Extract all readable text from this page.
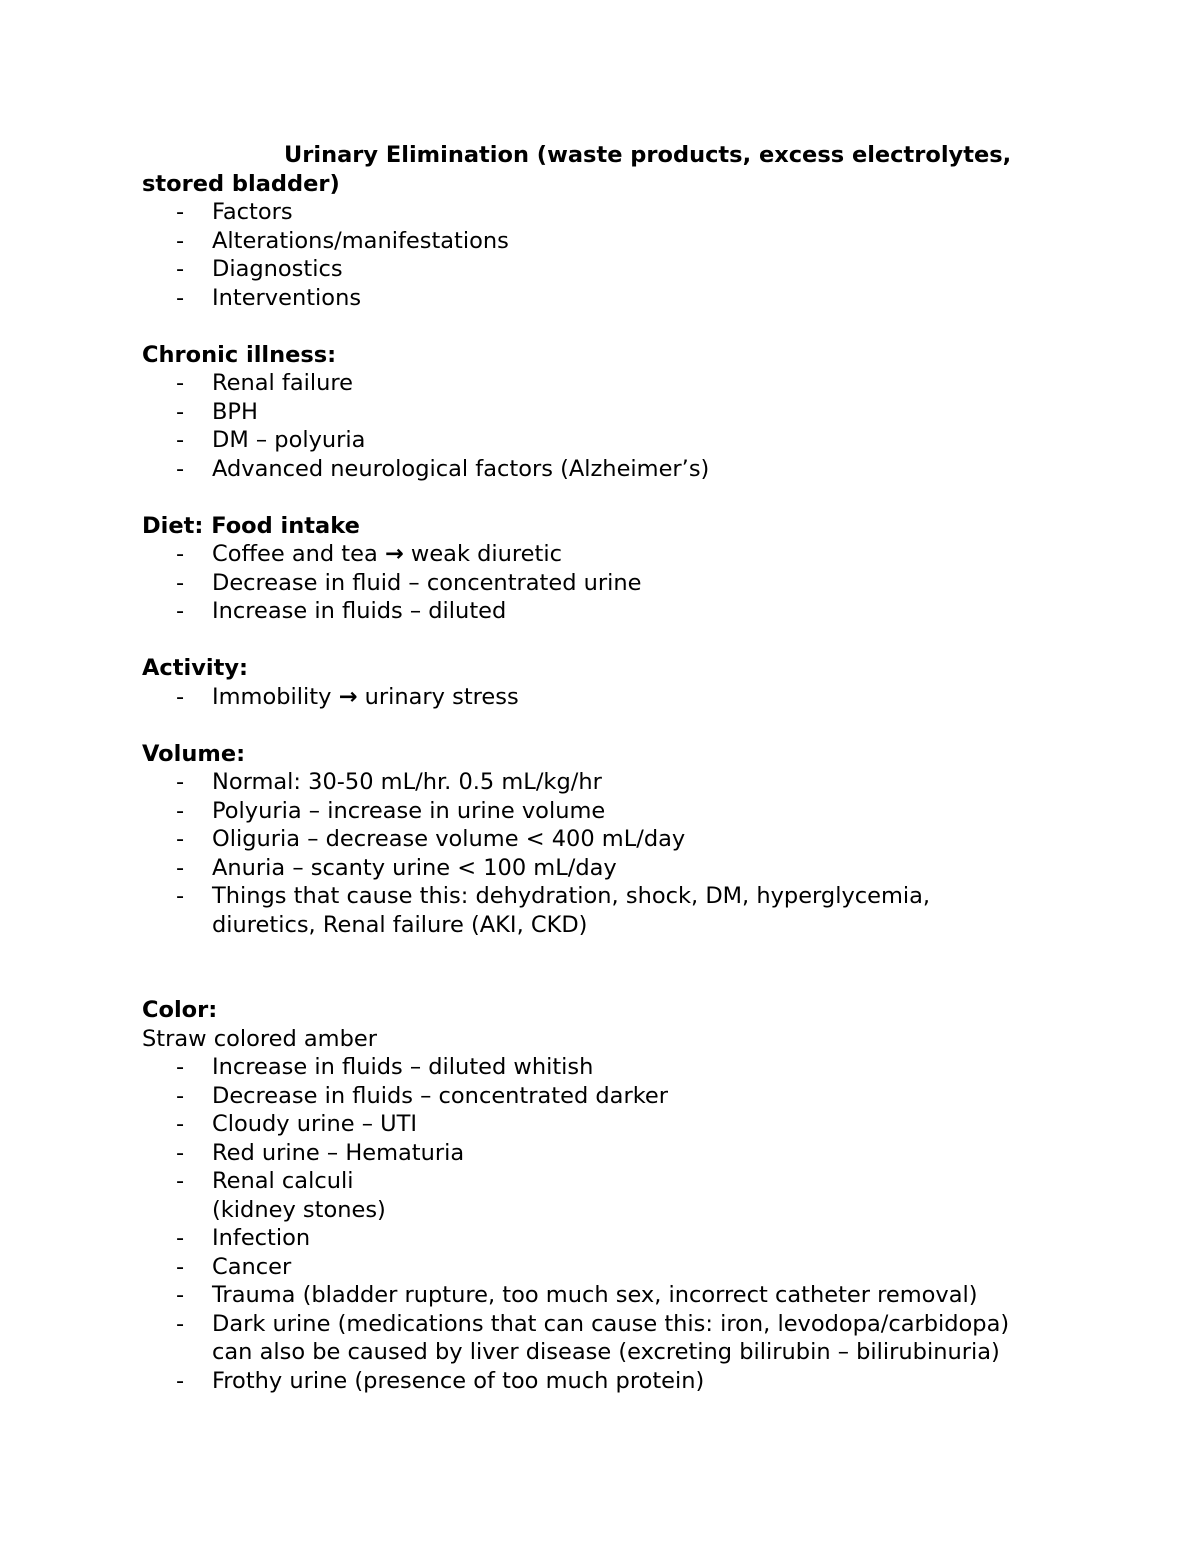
Urinary Elimination (waste products, excess electrolytes,

stored bladder)

- Factors
- Alterations/manifestations
- Diagnostics
- Interventions

Chronic illness:

- Renal failure
- BPH
- DM – polyuria
- Advanced neurological factors (Alzheimer’s)

Diet: Food intake

- Coffee and tea → weak diuretic
- Decrease in fluid – concentrated urine
- Increase in fluids – diluted

Activity:

- Immobility → urinary stress

Volume:

- Normal: 30-50 mL/hr. 0.5 mL/kg/hr
- Polyuria – increase in urine volume
- Oliguria – decrease volume < 400 mL/day
- Anuria – scanty urine < 100 mL/day
- Things that cause this: dehydration, shock, DM, hyperglycemia,
diuretics, Renal failure (AKI, CKD)

Color:

Straw colored amber

- Increase in fluids – diluted whitish
- Decrease in fluids – concentrated darker
- Cloudy urine – UTI
- Red urine – Hematuria
- Renal calculi
(kidney stones)
- Infection
- Cancer
- Trauma (bladder rupture, too much sex, incorrect catheter removal)
- Dark urine (medications that can cause this: iron, levodopa/carbidopa)
can also be caused by liver disease (excreting bilirubin – bilirubinuria)
- Frothy urine (presence of too much protein)
